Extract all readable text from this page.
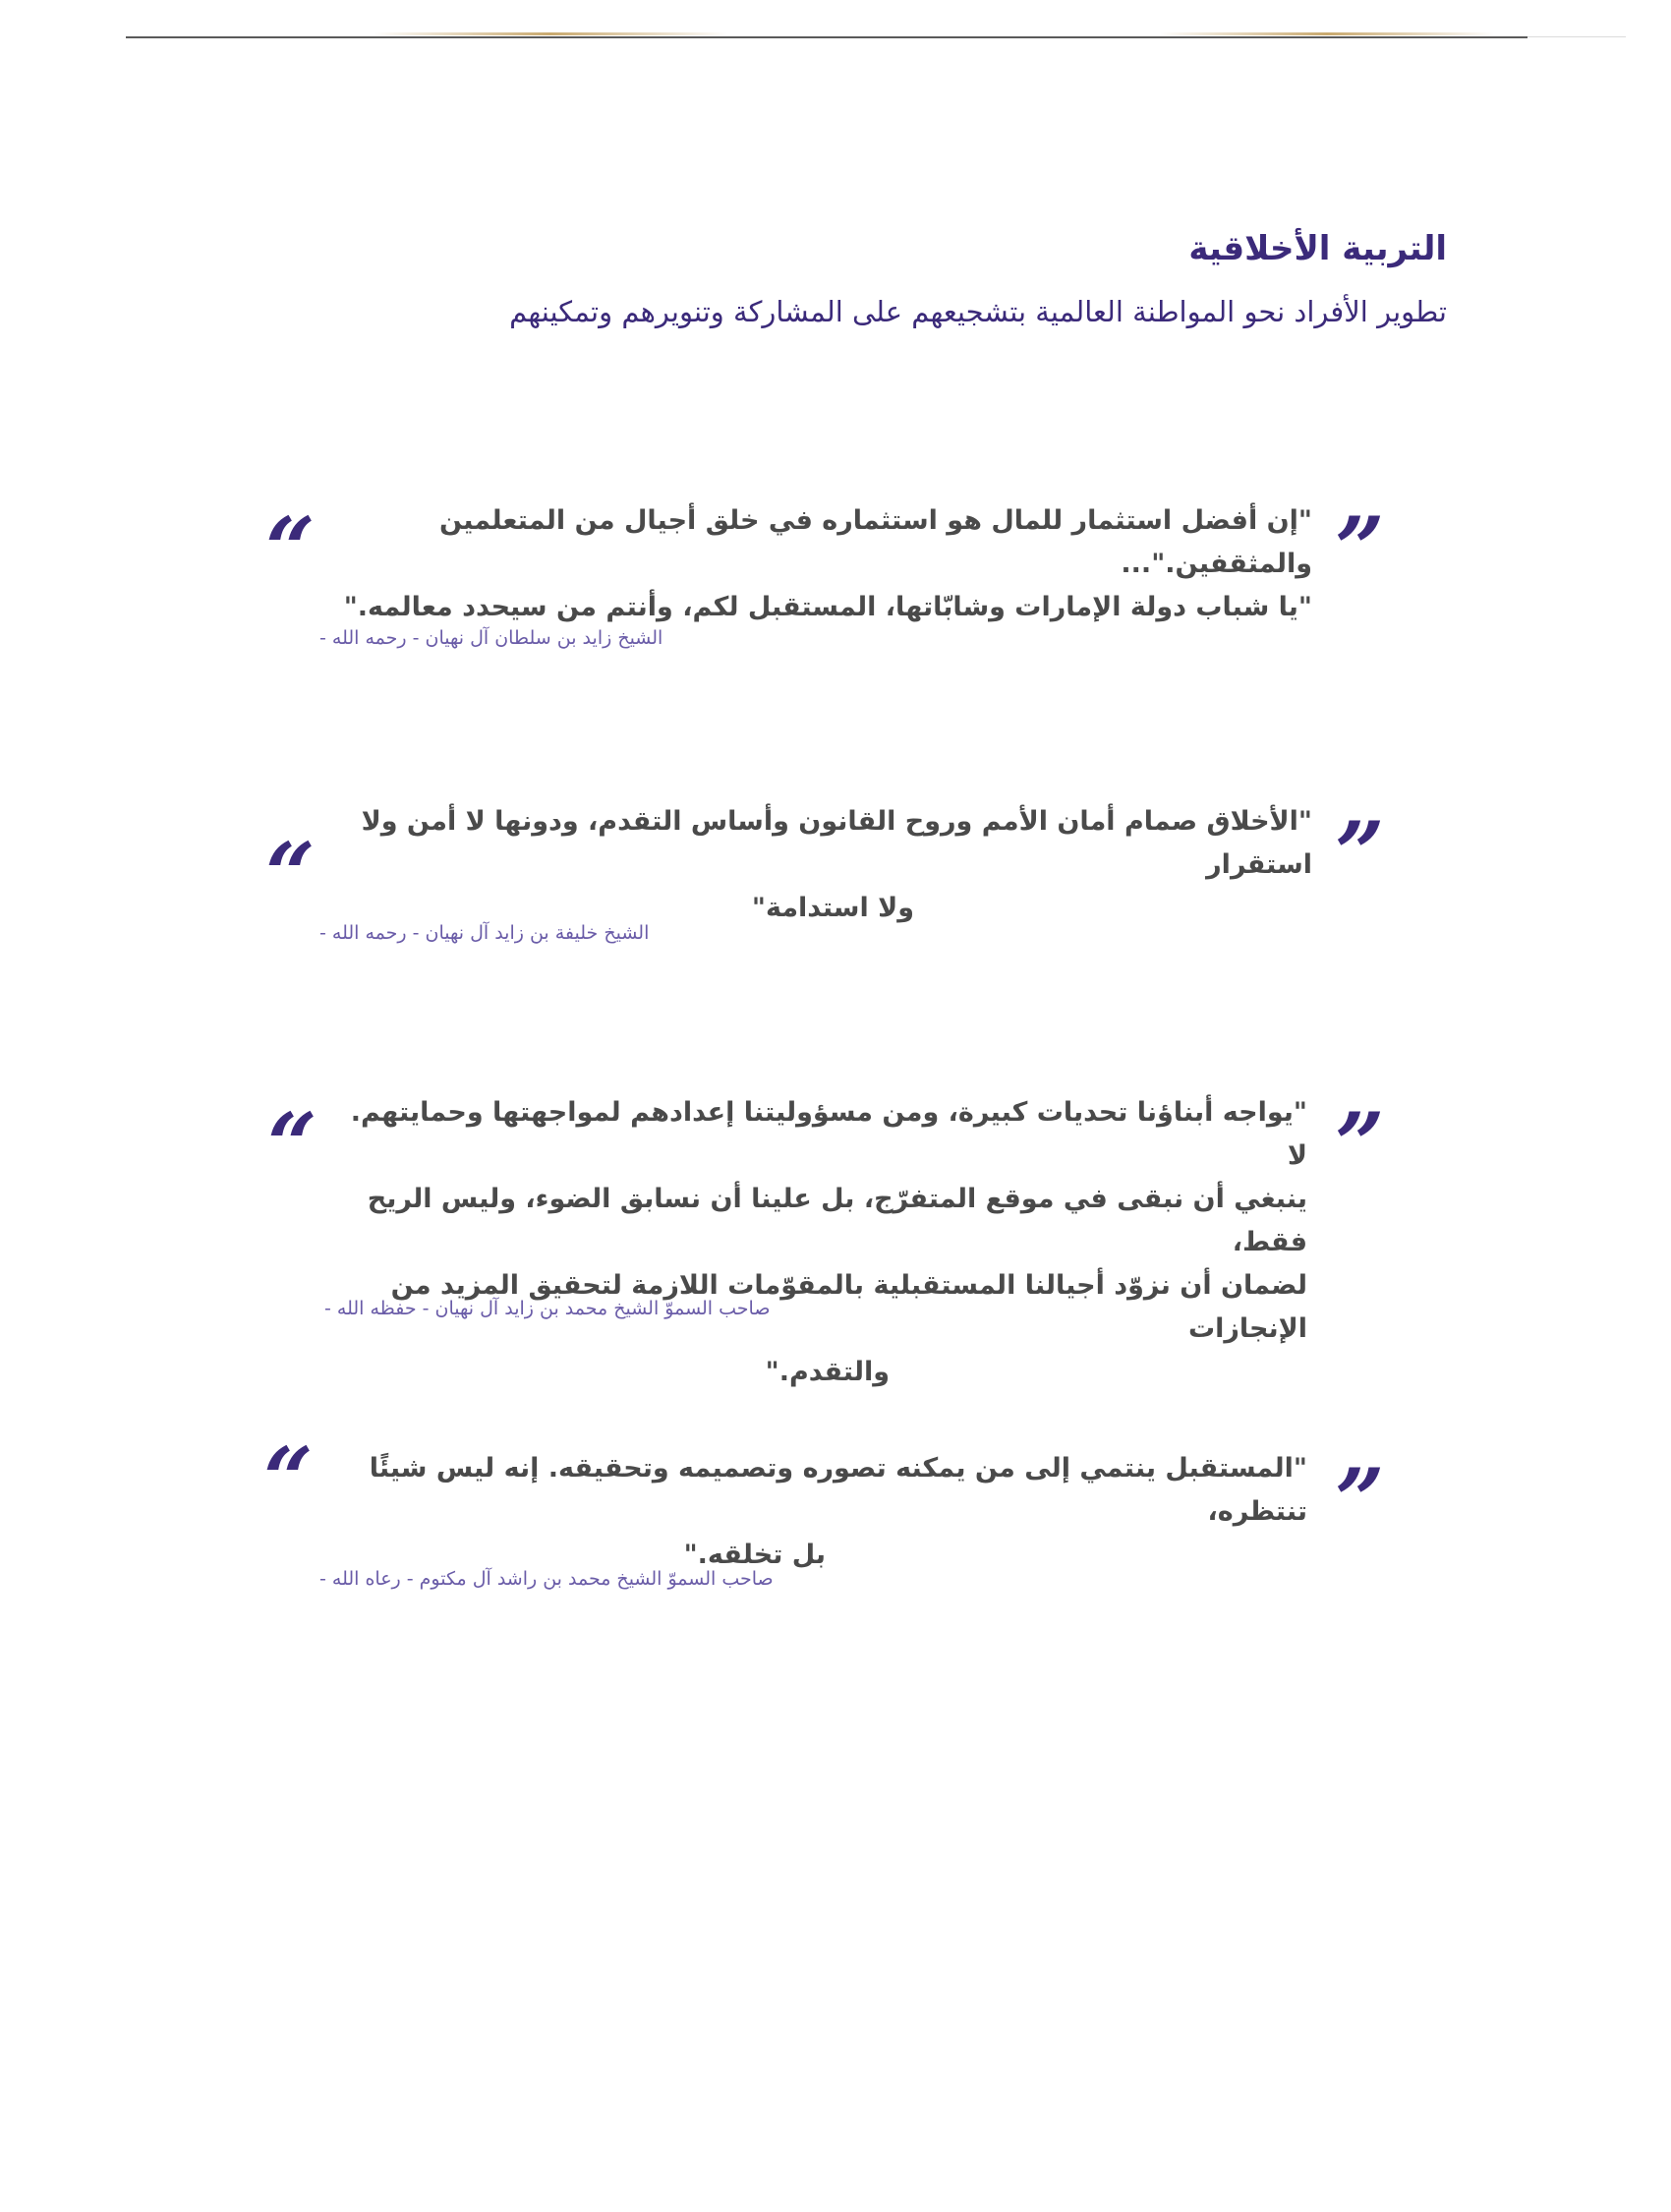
التربية الأخلاقية

تطوير الأفراد نحو المواطنة العالمية بتشجيعهم على المشاركة وتنويرهم وتمكينهم

“	"إن أفضل استثمار للمال هو استثماره في خلق أجيال من المتعلمين والمثقفين."...
"يا شباب دولة الإمارات وشابّاتها، المستقبل لكم، وأنتم من سيحدد معالمه."
”
الشيخ زايد بن سلطان آل نهيان - رحمه الله -
“
"الأخلاق صمام أمان الأمم وروح القانون وأساس التقدم، ودونها لا أمن ولا استقرار
ولا استدامة"
”
الشيخ خليفة بن زايد آل نهيان - رحمه الله -
“	"يواجه أبناؤنا تحديات كبيرة، ومن مسؤوليتنا إعدادهم لمواجهتها وحمايتهم. لا
ينبغي أن نبقى في موقع المتفرّج، بل علينا أن نسابق الضوء، وليس الريح فقط،
لضمان أن نزوّد أجيالنا المستقبلية بالمقوّمات اللازمة لتحقيق المزيد من الإنجازات
والتقدم."
”
صاحب السموّ الشيخ محمد بن زايد آل نهيان - حفظه الله -
“	"المستقبل ينتمي إلى من يمكنه تصوره وتصميمه وتحقيقه. إنه ليس شيئًا تنتظره،
بل تخلقه."
”
صاحب السموّ الشيخ محمد بن راشد آل مكتوم - رعاه الله -
